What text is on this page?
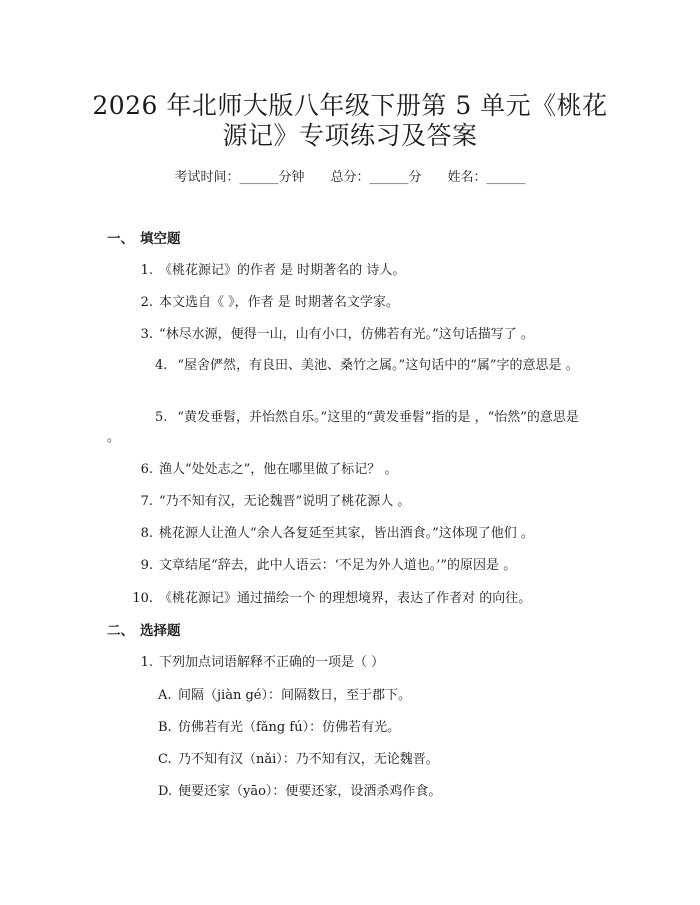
2026 年北师大版八年级下册第 5 单元《桃花
源记》专项练习及答案
考试时间：______分钟 总分：______分 姓名：______
一、 填空题
1. 《桃花源记》的作者 是 时期著名的 诗人。
2. 本文选自《 》，作者 是 时期著名文学家。
3. “林尽水源，便得一山，山有小口，仿佛若有光。”这句话描写了 。
4. “屋舍俨然，有良田、美池、桑竹之属。”这句话中的“属”字的意思是 。
5. “黄发垂髫，并怡然自乐。”这里的“黄发垂髫”指的是 ，“怡然”的意思是 。
6. 渔人“处处志之”，他在哪里做了标记？ 。
7. “乃不知有汉，无论魏晋”说明了桃花源人 。
8. 桃花源人让渔人“余人各复延至其家，皆出酒食。”这体现了他们 。
9. 文章结尾“辞去，此中人语云：‘不足为外人道也。’”的原因是 。
10. 《桃花源记》通过描绘一个 的理想境界，表达了作者对 的向往。
二、 选择题
1. 下列加点词语解释不正确的一项是（ ）
A. 间隔（jiàn gé）：间隔数日，至于郡下。
B. 仿佛若有光（fǎng fú）：仿佛若有光。
C. 乃不知有汉（nǎi）：乃不知有汉，无论魏晋。
D. 便要还家（yāo）：便要还家，设酒杀鸡作食。
